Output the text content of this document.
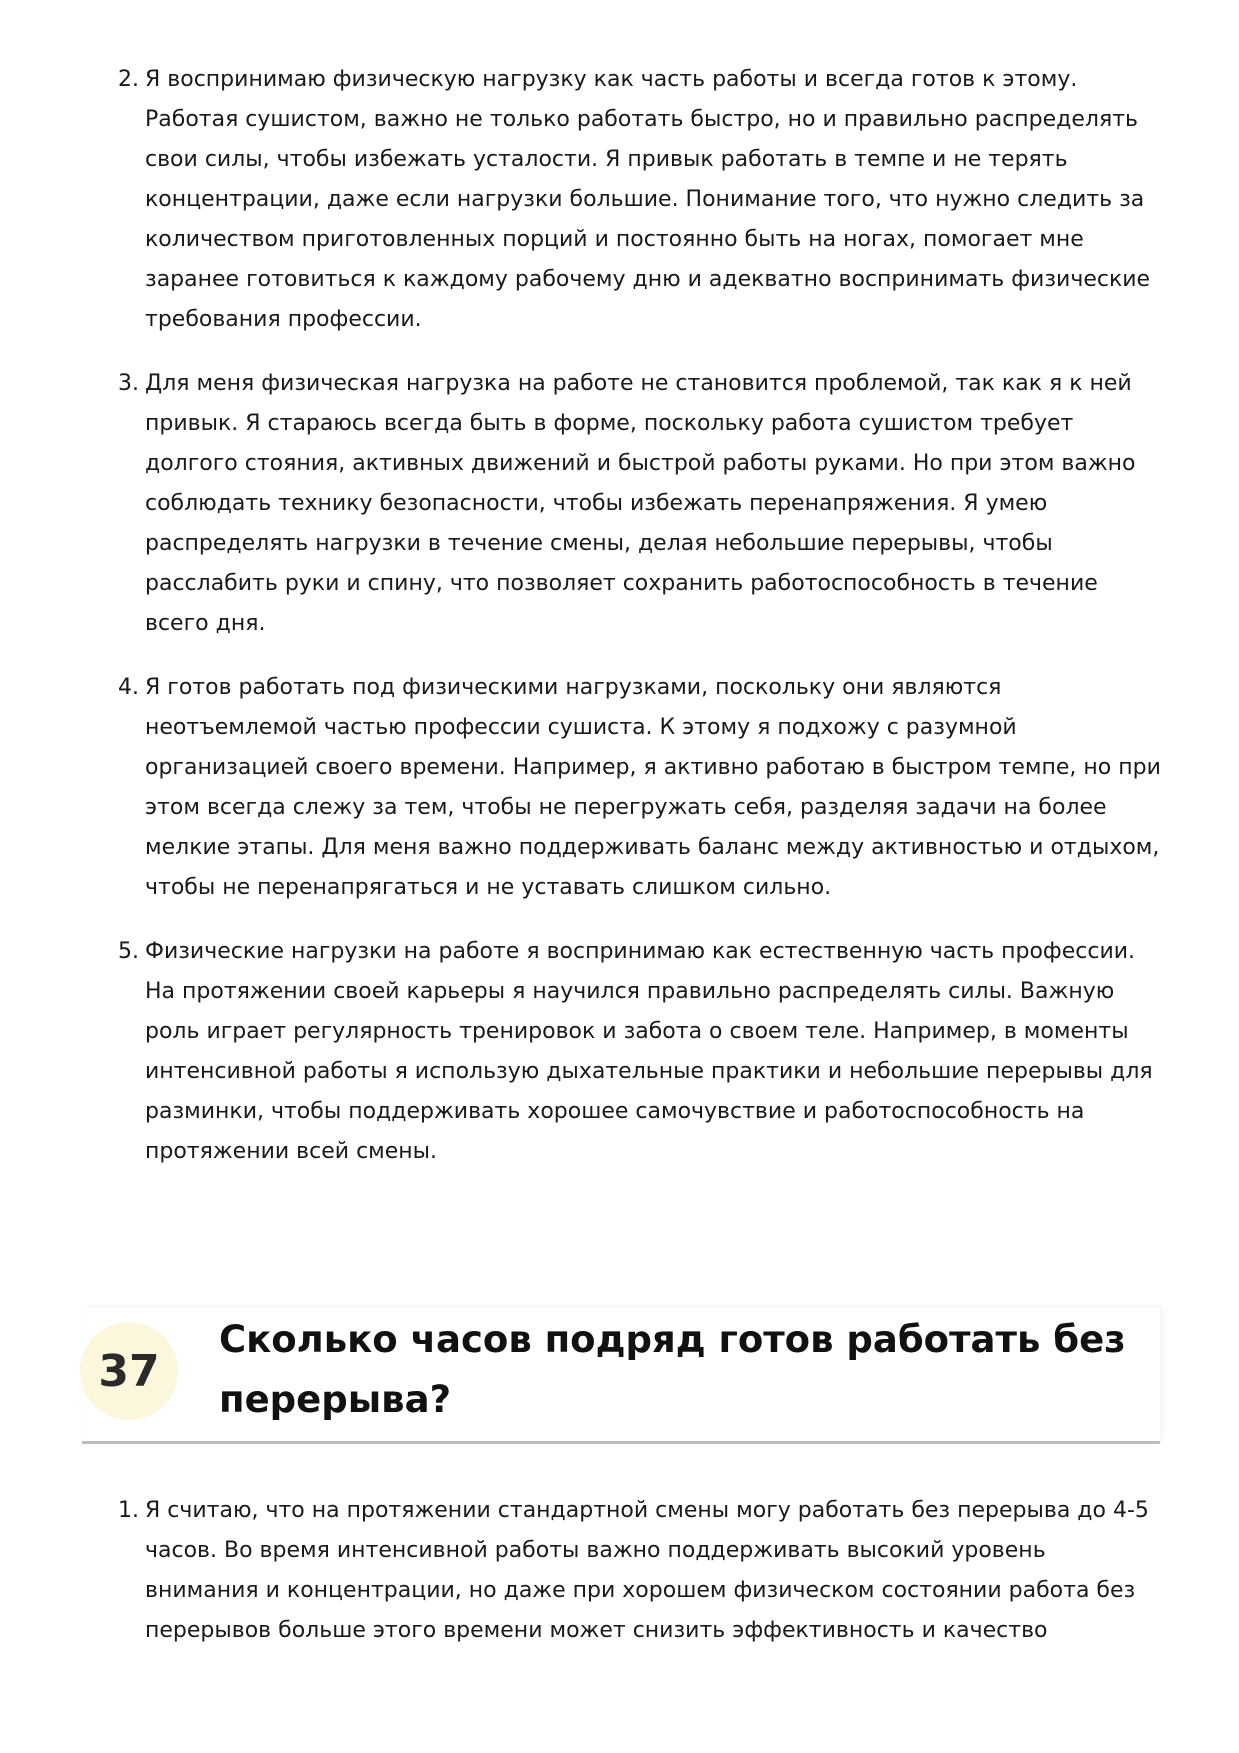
2. Я воспринимаю физическую нагрузку как часть работы и всегда готов к этому. Работая сушистом, важно не только работать быстро, но и правильно распределять свои силы, чтобы избежать усталости. Я привык работать в темпе и не терять концентрации, даже если нагрузки большие. Понимание того, что нужно следить за количеством приготовленных порций и постоянно быть на ногах, помогает мне заранее готовиться к каждому рабочему дню и адекватно воспринимать физические требования профессии.
3. Для меня физическая нагрузка на работе не становится проблемой, так как я к ней привык. Я стараюсь всегда быть в форме, поскольку работа сушистом требует долгого стояния, активных движений и быстрой работы руками. Но при этом важно соблюдать технику безопасности, чтобы избежать перенапряжения. Я умею распределять нагрузки в течение смены, делая небольшие перерывы, чтобы расслабить руки и спину, что позволяет сохранить работоспособность в течение всего дня.
4. Я готов работать под физическими нагрузками, поскольку они являются неотъемлемой частью профессии сушиста. К этому я подхожу с разумной организацией своего времени. Например, я активно работаю в быстром темпе, но при этом всегда слежу за тем, чтобы не перегружать себя, разделяя задачи на более мелкие этапы. Для меня важно поддерживать баланс между активностью и отдыхом, чтобы не перенапрягаться и не уставать слишком сильно.
5. Физические нагрузки на работе я воспринимаю как естественную часть профессии. На протяжении своей карьеры я научился правильно распределять силы. Важную роль играет регулярность тренировок и забота о своем теле. Например, в моменты интенсивной работы я использую дыхательные практики и небольшие перерывы для разминки, чтобы поддерживать хорошее самочувствие и работоспособность на протяжении всей смены.
37
Сколько часов подряд готов работать без перерыва?
1. Я считаю, что на протяжении стандартной смены могу работать без перерыва до 4-5 часов. Во время интенсивной работы важно поддерживать высокий уровень внимания и концентрации, но даже при хорошем физическом состоянии работа без перерывов больше этого времени может снизить эффективность и качество
